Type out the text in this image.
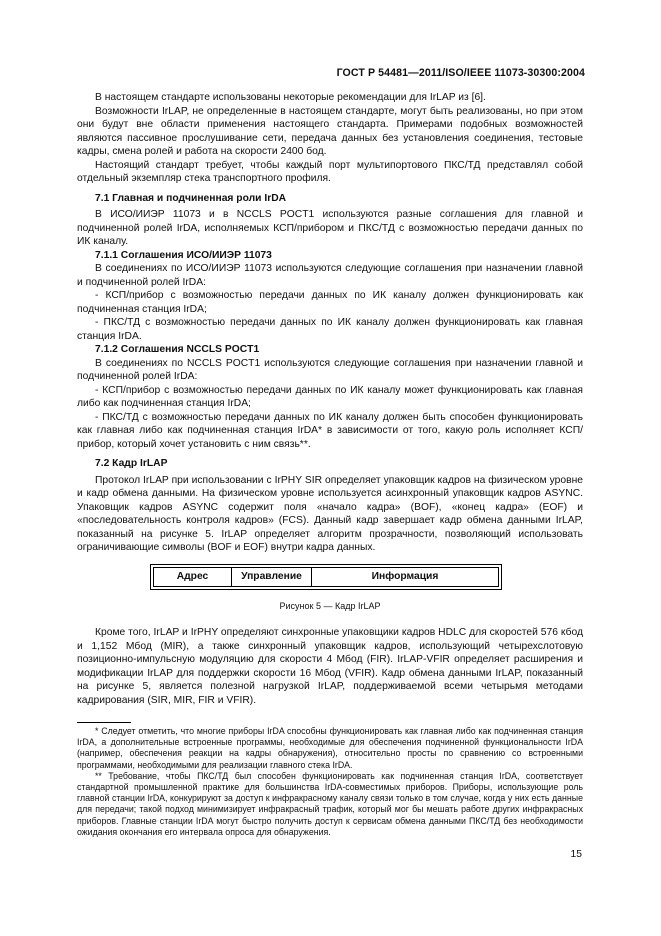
ГОСТ Р 54481—2011/ISO/IEEE 11073-30300:2004

В настоящем стандарте использованы некоторые рекомендации для IrLAP из [6].

Возможности IrLAP, не определенные в настоящем стандарте, могут быть реализованы, но при этом они будут вне области применения настоящего стандарта. Примерами подобных возможностей являются пассивное прослушивание сети, передача данных без установления соединения, тестовые кадры, смена ролей и работа на скорости 2400 бод.

Настоящий стандарт требует, чтобы каждый порт мультипортового ПКС/ТД представлял собой отдельный экземпляр стека транспортного профиля.

7.1 Главная и подчиненная роли IrDA

В ИСО/ИИЭР 11073 и в NCCLS POCT1 используются разные соглашения для главной и подчиненной ролей IrDA, исполняемых КСП/прибором и ПКС/ТД с возможностью передачи данных по ИК каналу.

7.1.1 Соглашения ИСО/ИИЭР 11073

В соединениях по ИСО/ИИЭР 11073 используются следующие соглашения при назначении главной и подчиненной ролей IrDA:

- КСП/прибор с возможностью передачи данных по ИК каналу должен функционировать как подчиненная станция IrDA;

- ПКС/ТД с возможностью передачи данных по ИК каналу должен функционировать как главная станция IrDA.

7.1.2 Соглашения NCCLS POCT1

В соединениях по NCCLS POCT1 используются следующие соглашения при назначении главной и подчиненной ролей IrDA:

- КСП/прибор с возможностью передачи данных по ИК каналу может функционировать как главная либо как подчиненная станция IrDA;

- ПКС/ТД с возможностью передачи данных по ИК каналу должен быть способен функционировать как главная либо как подчиненная станция IrDA* в зависимости от того, какую роль исполняет КСП/прибор, который хочет установить с ним связь**.

7.2 Кадр IrLAP

Протокол IrLAP при использовании с IrPHY SIR определяет упаковщик кадров на физическом уровне и кадр обмена данными. На физическом уровне используется асинхронный упаковщик кадров ASYNC. Упаковщик кадров ASYNC содержит поля «начало кадра» (BOF), «конец кадра» (EOF) и «последовательность контроля кадров» (FCS). Данный кадр завершает кадр обмена данными IrLAP, показанный на рисунке 5. IrLAP определяет алгоритм прозрачности, позволяющий использовать ограничивающие символы (BOF и EOF) внутри кадра данных.

Адрес	Управление	Информация
Рисунок 5 — Кадр IrLAP

Кроме того, IrLAP и IrPHY определяют синхронные упаковщики кадров HDLC для скоростей 576 кбод и 1,152 Мбод (MIR), а также синхронный упаковщик кадров, использующий четырехслотовую позиционно-импульсную модуляцию для скорости 4 Мбод (FIR). IrLAP-VFIR определяет расширения и модификации IrLAP для поддержки скорости 16 Мбод (VFIR). Кадр обмена данными IrLAP, показанный на рисунке 5, является полезной нагрузкой IrLAP, поддерживаемой всеми четырьмя методами кадрирования (SIR, MIR, FIR и VFIR).

* Следует отметить, что многие приборы IrDA способны функционировать как главная либо как подчиненная станция IrDA, а дополнительные встроенные программы, необходимые для обеспечения подчиненной функциональности IrDA (например, обеспечения реакции на кадры обнаружения), относительно просты по сравнению со встроенными программами, необходимыми для реализации главного стека IrDA.

** Требование, чтобы ПКС/ТД был способен функционировать как подчиненная станция IrDA, соответствует стандартной промышленной практике для большинства IrDA-совместимых приборов. Приборы, использующие роль главной станции IrDA, конкурируют за доступ к инфракрасному каналу связи только в том случае, когда у них есть данные для передачи; такой подход минимизирует инфракрасный трафик, который мог бы мешать работе других инфракрасных приборов. Главные станции IrDA могут быстро получить доступ к сервисам обмена данными ПКС/ТД без необходимости ожидания окончания его интервала опроса для обнаружения.

15
